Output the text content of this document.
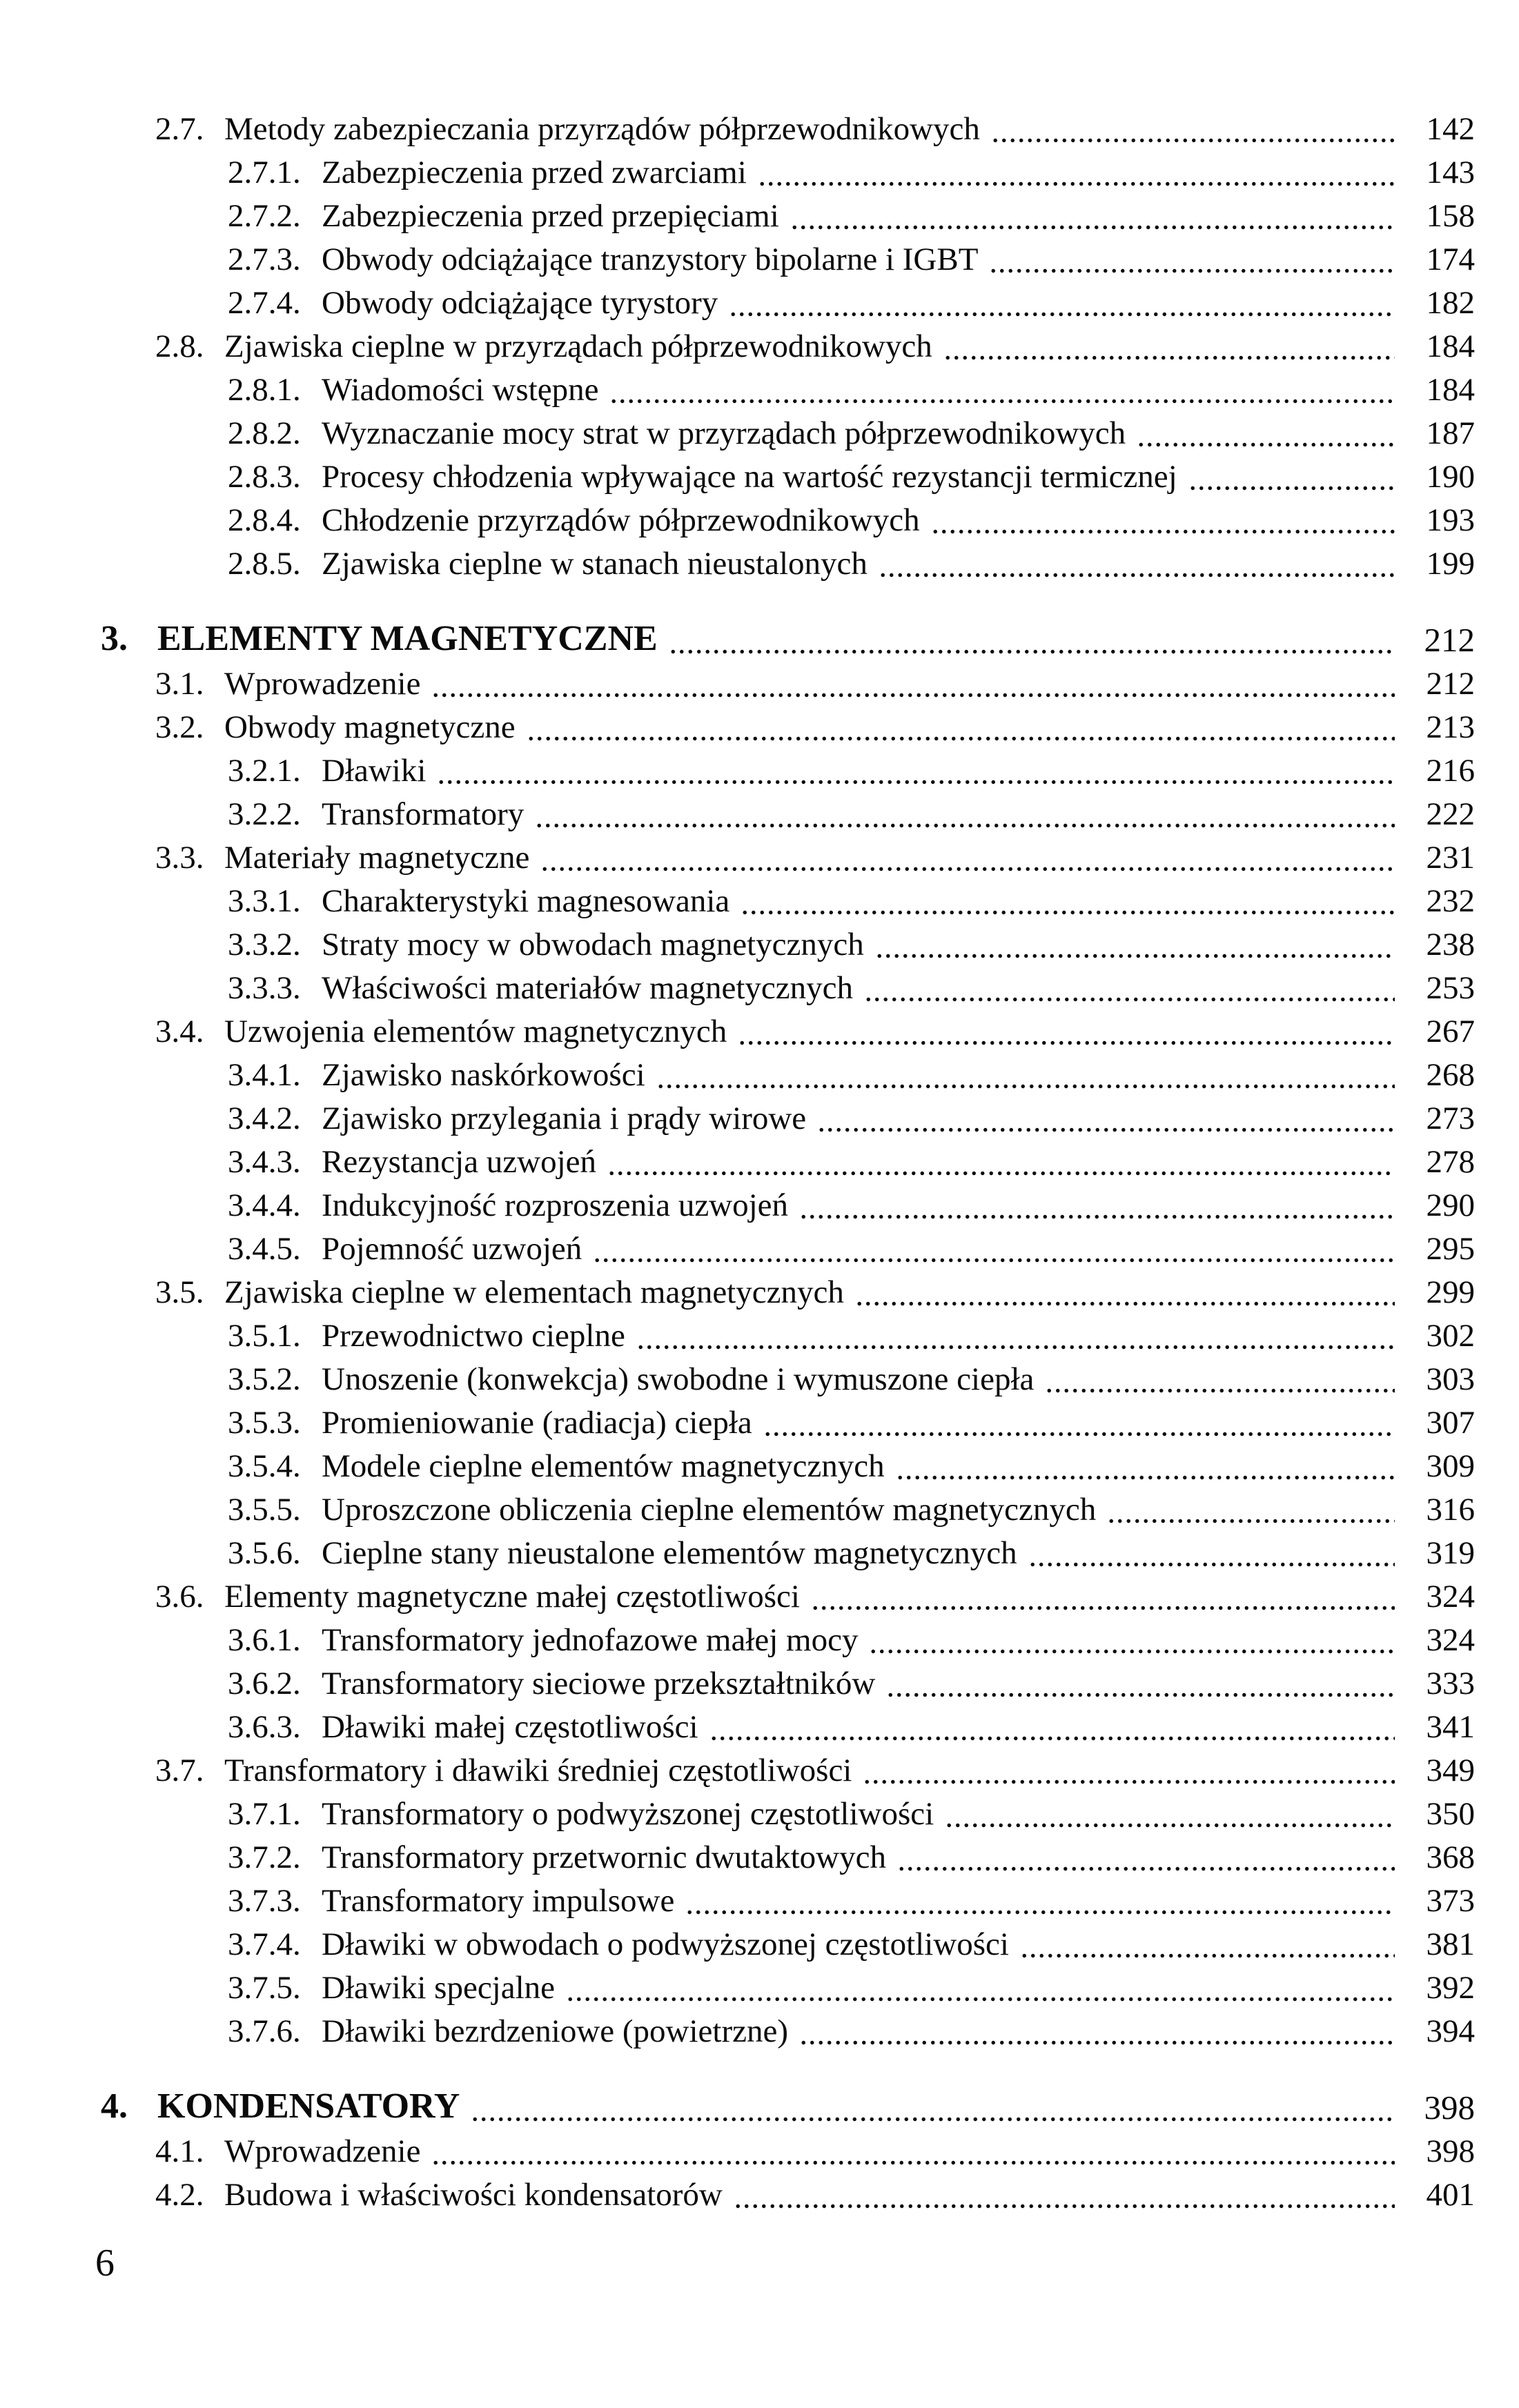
2.7. Metody zabezpieczania przyrządów półprzewodnikowych	142
2.7.1. Zabezpieczenia przed zwarciami	143
2.7.2. Zabezpieczenia przed przepięciami	158
2.7.3. Obwody odciążające tranzystory bipolarne i IGBT	174
2.7.4. Obwody odciążające tyrystory	182
2.8. Zjawiska cieplne w przyrządach półprzewodnikowych	184
2.8.1. Wiadomości wstępne	184
2.8.2. Wyznaczanie mocy strat w przyrządach półprzewodnikowych	187
2.8.3. Procesy chłodzenia wpływające na wartość rezystancji termicznej	190
2.8.4. Chłodzenie przyrządów półprzewodnikowych	193
2.8.5. Zjawiska cieplne w stanach nieustalonych	199
3. ELEMENTY MAGNETYCZNE	212
3.1. Wprowadzenie	212
3.2. Obwody magnetyczne	213
3.2.1. Dławiki	216
3.2.2. Transformatory	222
3.3. Materiały magnetyczne	231
3.3.1. Charakterystyki magnesowania	232
3.3.2. Straty mocy w obwodach magnetycznych	238
3.3.3. Właściwości materiałów magnetycznych	253
3.4. Uzwojenia elementów magnetycznych	267
3.4.1. Zjawisko naskórkowości	268
3.4.2. Zjawisko przylegania i prądy wirowe	273
3.4.3. Rezystancja uzwojeń	278
3.4.4. Indukcyjność rozproszenia uzwojeń	290
3.4.5. Pojemność uzwojeń	295
3.5. Zjawiska cieplne w elementach magnetycznych	299
3.5.1. Przewodnictwo cieplne	302
3.5.2. Unoszenie (konwekcja) swobodne i wymuszone ciepła	303
3.5.3. Promieniowanie (radiacja) ciepła	307
3.5.4. Modele cieplne elementów magnetycznych	309
3.5.5. Uproszczone obliczenia cieplne elementów magnetycznych	316
3.5.6. Cieplne stany nieustalone elementów magnetycznych	319
3.6. Elementy magnetyczne małej częstotliwości	324
3.6.1. Transformatory jednofazowe małej mocy	324
3.6.2. Transformatory sieciowe przekształtników	333
3.6.3. Dławiki małej częstotliwości	341
3.7. Transformatory i dławiki średniej częstotliwości	349
3.7.1. Transformatory o podwyższonej częstotliwości	350
3.7.2. Transformatory przetwornic dwutaktowych	368
3.7.3. Transformatory impulsowe	373
3.7.4. Dławiki w obwodach o podwyższonej częstotliwości	381
3.7.5. Dławiki specjalne	392
3.7.6. Dławiki bezrdzeniowe (powietrzne)	394
4. KONDENSATORY	398
4.1. Wprowadzenie	398
4.2. Budowa i właściwości kondensatorów	401
6
